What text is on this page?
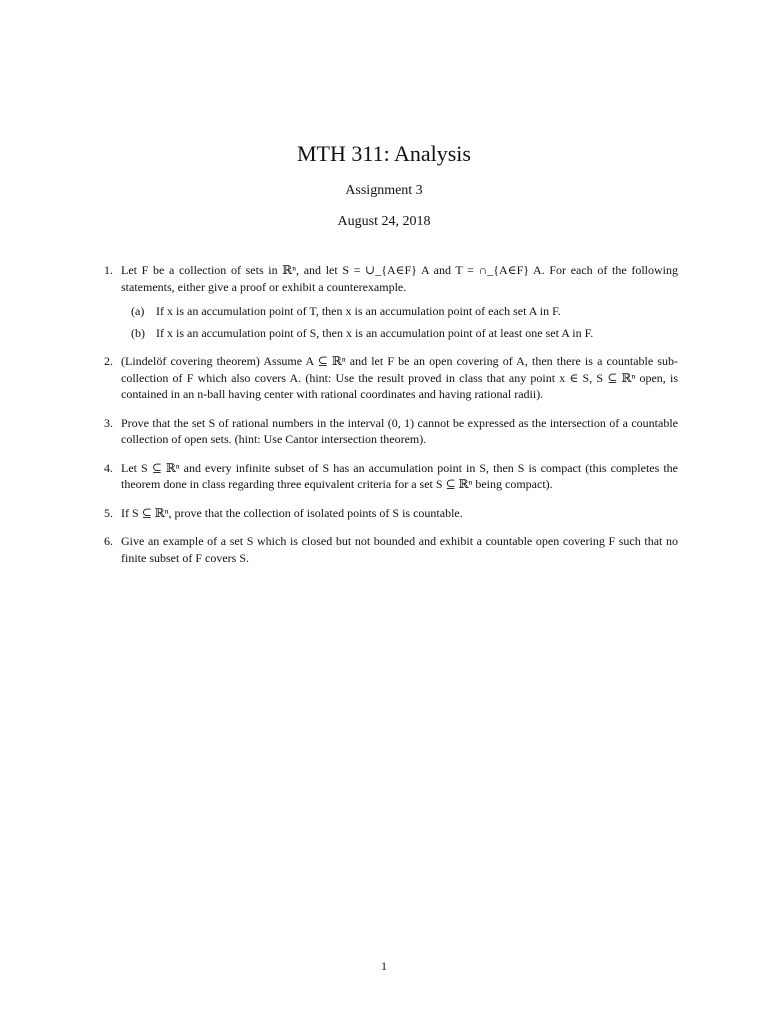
MTH 311: Analysis
Assignment 3
August 24, 2018
1. Let F be a collection of sets in ℝⁿ, and let S = ∪_{A∈F} A and T = ∩_{A∈F} A. For each of the following statements, either give a proof or exhibit a counterexample.
(a) If x is an accumulation point of T, then x is an accumulation point of each set A in F.
(b) If x is an accumulation point of S, then x is an accumulation point of at least one set A in F.
2. (Lindelöf covering theorem) Assume A ⊆ ℝⁿ and let F be an open covering of A, then there is a countable sub-collection of F which also covers A. (hint: Use the result proved in class that any point x ∈ S, S ⊆ ℝⁿ open, is contained in an n-ball having center with rational coordinates and having rational radii).
3. Prove that the set S of rational numbers in the interval (0, 1) cannot be expressed as the intersection of a countable collection of open sets. (hint: Use Cantor intersection theorem).
4. Let S ⊆ ℝⁿ and every infinite subset of S has an accumulation point in S, then S is compact (this completes the theorem done in class regarding three equivalent criteria for a set S ⊆ ℝⁿ being compact).
5. If S ⊆ ℝⁿ, prove that the collection of isolated points of S is countable.
6. Give an example of a set S which is closed but not bounded and exhibit a countable open covering F such that no finite subset of F covers S.
1
